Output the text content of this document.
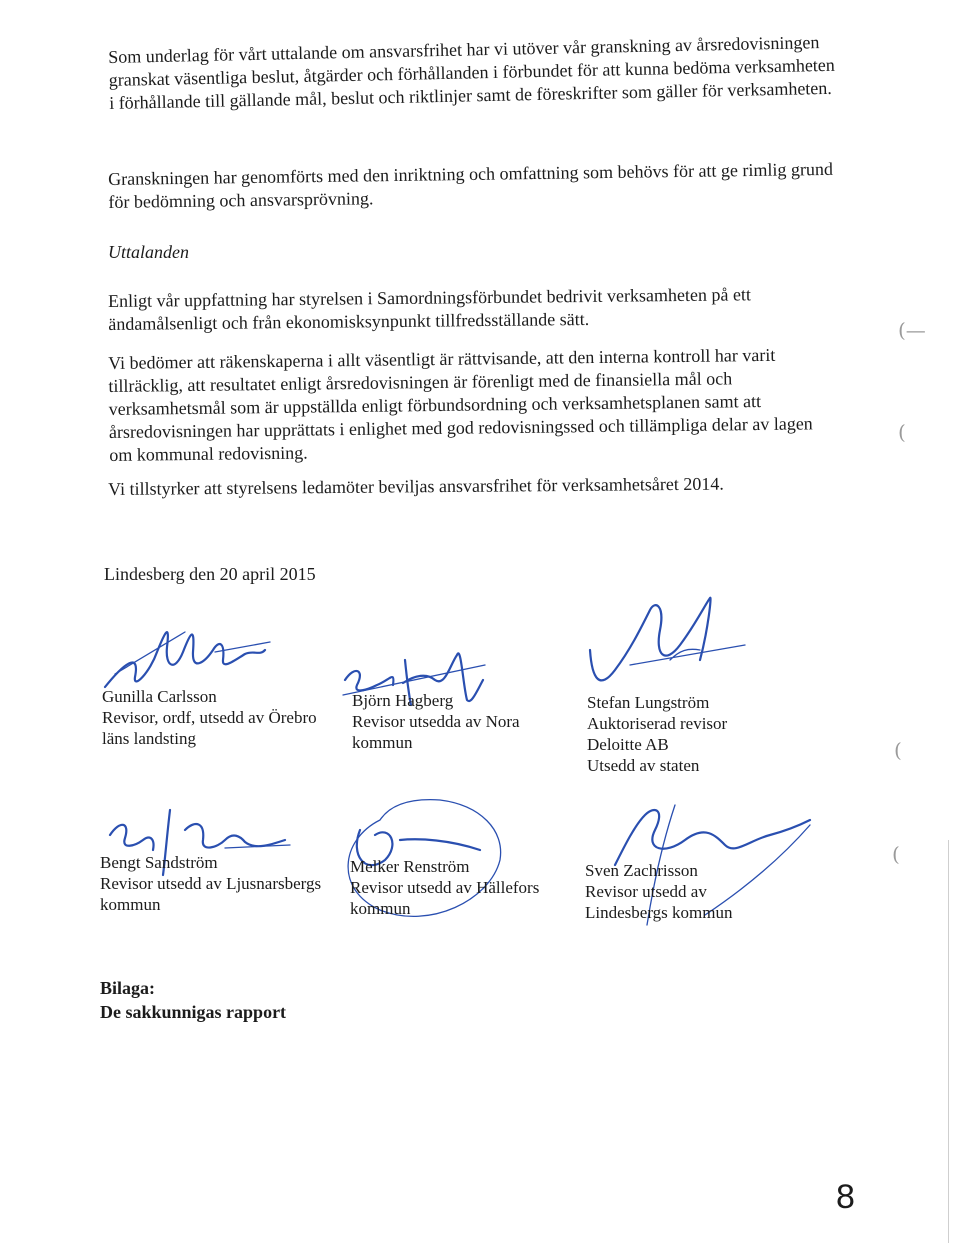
Som underlag för vårt uttalande om ansvarsfrihet har vi utöver vår granskning av årsredovisningen granskat väsentliga beslut, åtgärder och förhållanden i förbundet för att kunna bedöma verksamheten i förhållande till gällande mål, beslut och riktlinjer samt de föreskrifter som gäller för verksamheten.

Granskningen har genomförts med den inriktning och omfattning som behövs för att ge rimlig grund för bedömning och ansvarsprövning.

Uttalanden

Enligt vår uppfattning har styrelsen i Samordningsförbundet bedrivit verksamheten på ett ändamålsenligt och från ekonomisksynpunkt tillfredsställande sätt.

Vi bedömer att räkenskaperna i allt väsentligt är rättvisande, att den interna kontroll har varit tillräcklig, att resultatet enligt årsredovisningen är förenligt med de finansiella mål och verksamhetsmål som är uppställda enligt förbundsordning och verksamhetsplanen samt att årsredovisningen har upprättats i enlighet med god redovisningssed och tillämpliga delar av lagen om kommunal redovisning.

Vi tillstyrker att styrelsens ledamöter beviljas ansvarsfrihet för verksamhetsåret 2014.

Lindesberg den 20 april 2015

Gunilla Carlsson
Revisor, ordf, utsedd av Örebro
läns landsting
Björn Hagberg
Revisor utsedda av Nora
kommun
Stefan Lungström
Auktoriserad revisor
Deloitte AB
Utsedd av staten
Bengt Sandström
Revisor utsedd av Ljusnarsbergs
kommun
Melker Renström
Revisor utsedd av Hällefors
kommun
Sven Zachrisson
Revisor utsedd av
Lindesbergs kommun
Bilaga:
De sakkunnigas rapport
8
(—
(
(
(
